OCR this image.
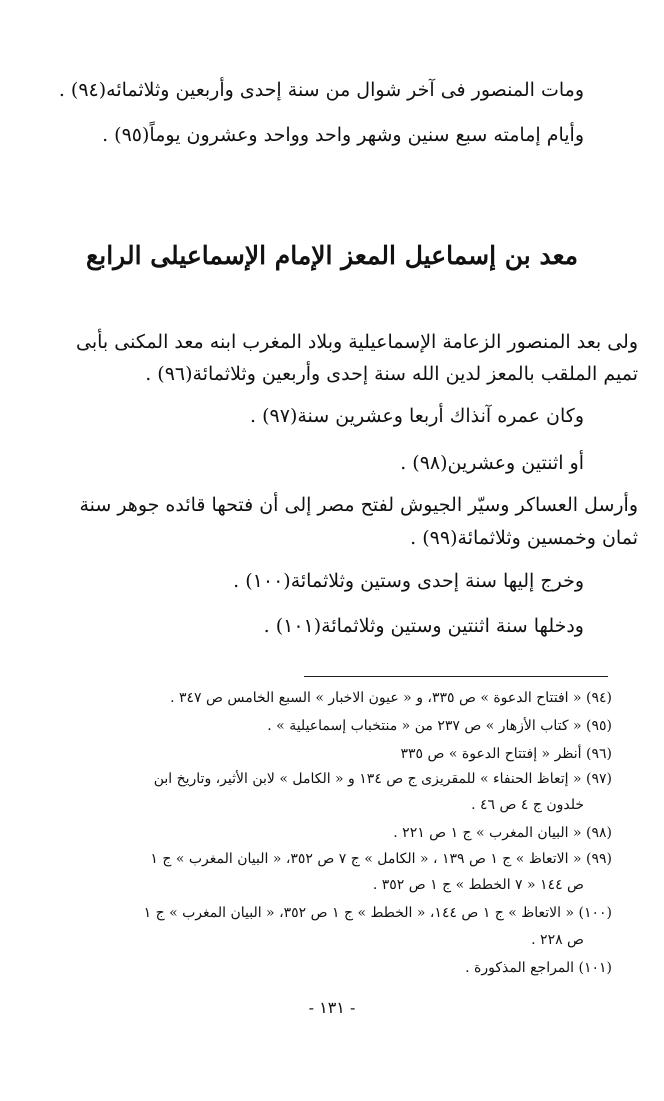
ومات المنصور فى آخر شوال من سنة إحدى وأربعين وثلاثمائه(٩٤) .
وأيام إمامته سبع سنين وشهر واحد وواحد وعشرون يوماً(٩٥) .
معد بن إسماعيل المعز الإمام الإسماعيلى الرابع
ولى بعد المنصور الزعامة الإسماعيلية وبلاد المغرب ابنه معد المكنى بأبى
تميم الملقب بالمعز لدين الله سنة إحدى وأربعين وثلاثمائة(٩٦) .
وكان عمره آنذاك أربعا وعشرين سنة(٩٧) .
أو اثنتين وعشرين(٩٨) .
وأرسل العساكر وسيّر الجيوش لفتح مصر إلى أن فتحها قائده جوهر سنة
ثمان وخمسين وثلاثمائة(٩٩) .
وخرج إليها سنة إحدى وستين وثلاثمائة(١٠٠) .
ودخلها سنة اثنتين وستين وثلاثمائة(١٠١) .
(٩٤) « افتتاح الدعوة » ص ٣٣٥، و « عيون الاخبار » السبع الخامس ص ٣٤٧ .
(٩٥) « كتاب الأزهار » ص ٢٣٧ من « منتخباب إسماعيلية » .
(٩٦) أنظر « إفتتاح الدعوة » ص ٣٣٥
(٩٧) « إتعاظ الحنفاء » للمقريزى ج ص ١٣٤ و « الكامل » لابن الأثير، وتاريخ ابن
خلدون ج ٤ ص ٤٦ .
(٩٨) « البيان المغرب » ج ١ ص ٢٢١ .
(٩٩) « الاتعاظ » ج ١ ص ١٣٩ ، « الكامل » ج ٧ ص ٣٥٢، « البيان المغرب » ج ١
ص ١٤٤ « ٧ الخطط » ج ١ ص ٣٥٢ .
(١٠٠) « الاتعاظ » ج ١ ص ١٤٤، « الخطط » ج ١ ص ٣٥٢، « البيان المغرب » ج ١
ص ٢٢٨ .
(١٠١) المراجع المذكورة .
- ١٣١ -
